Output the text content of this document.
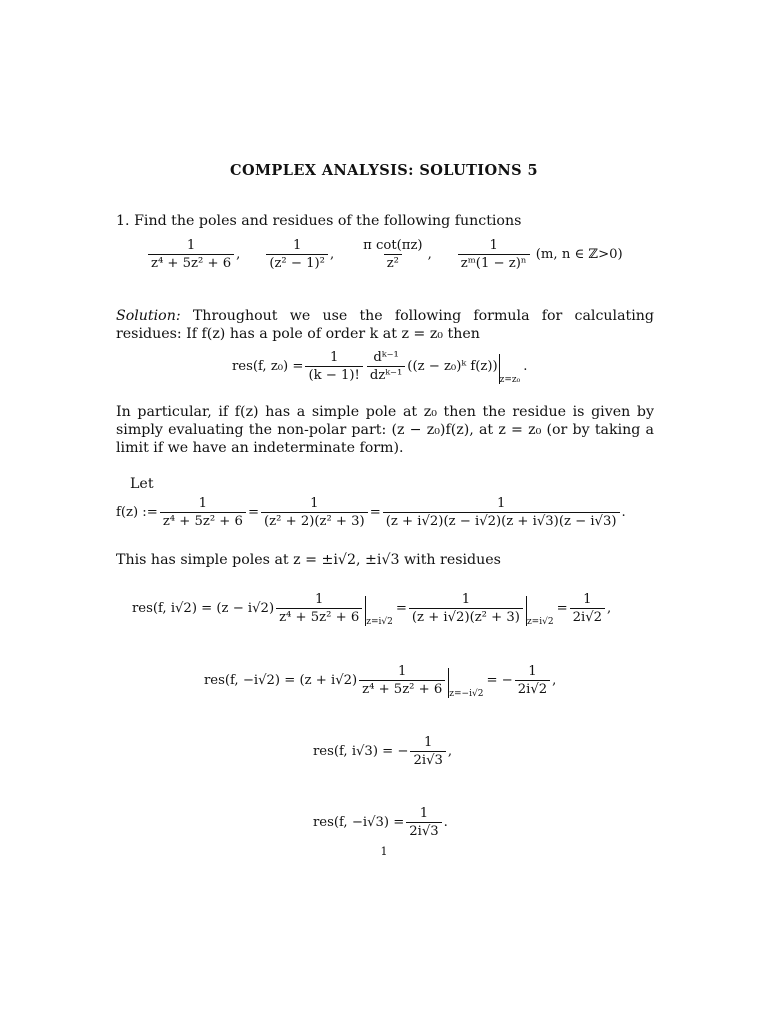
COMPLEX ANALYSIS: SOLUTIONS 5
1. Find the poles and residues of the following functions
$\frac{1}{\text{z⁴ + 5z² + 6}}$ , $\frac{1}{\text{(z² − 1)²}}$ , $\frac{\text{π cot(πz)}}{\text{z²}}$ , $\frac{1}{\text{zᵐ(1 − z)ⁿ}} (m$, n ∈ ℤ>0)
Solution: Throughout we use the following formula for calculating residues: If f(z) has a pole of order k at z = z₀ then
res(f, $z_0) = \frac{1}{(k - 1)!} \frac{\text{dᵏ⁻¹}}{\text{dzᵏ⁻¹}} ((z$ − z₀)ᵏ f(z))
z=z₀
.
In particular, if f(z) has a simple pole at z₀ then the residue is given by simply evaluating the non-polar part: (z − z₀)f(z), at z = z₀ (or by taking a limit if we have an indeterminate form).
Let
f(z) := $\frac{1}{\text{z⁴ + 5z² + 6}} = \frac{1}{\text{(z² + 2)(z² + 3)}} = \frac{1}{(z + i√2)(z - i√2)(z + i√3)(z - i√3)}$ .
This has simple poles at z = ±i√2, ±i√3 with residues
res(f, $i√2) = (z - i√2) \frac{1}{\text{z⁴ + 5z² + 6}} z=i√2$
= $\frac{1}{\text{(z + i√2)(z² + 3)}} z=i√2$
= $\frac{1}{2i√2}$ ,
res(f, $-i√2) = (z + i√2) \frac{1}{\text{z⁴ + 5z² + 6}} z=-i√2$
= − $\frac{1}{2i√2}$ ,
res(f, i√3) = − $\frac{1}{2i√3}$ ,
res(f, $-i√3) = \frac{1}{2i√3}$ .
1
